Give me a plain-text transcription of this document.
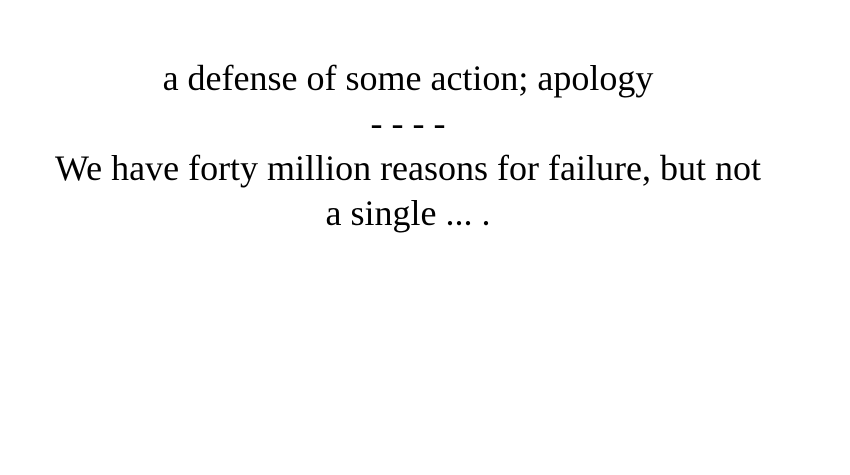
a defense of some action; apology

- - - -

We have forty million reasons for failure, but not a single ... .
